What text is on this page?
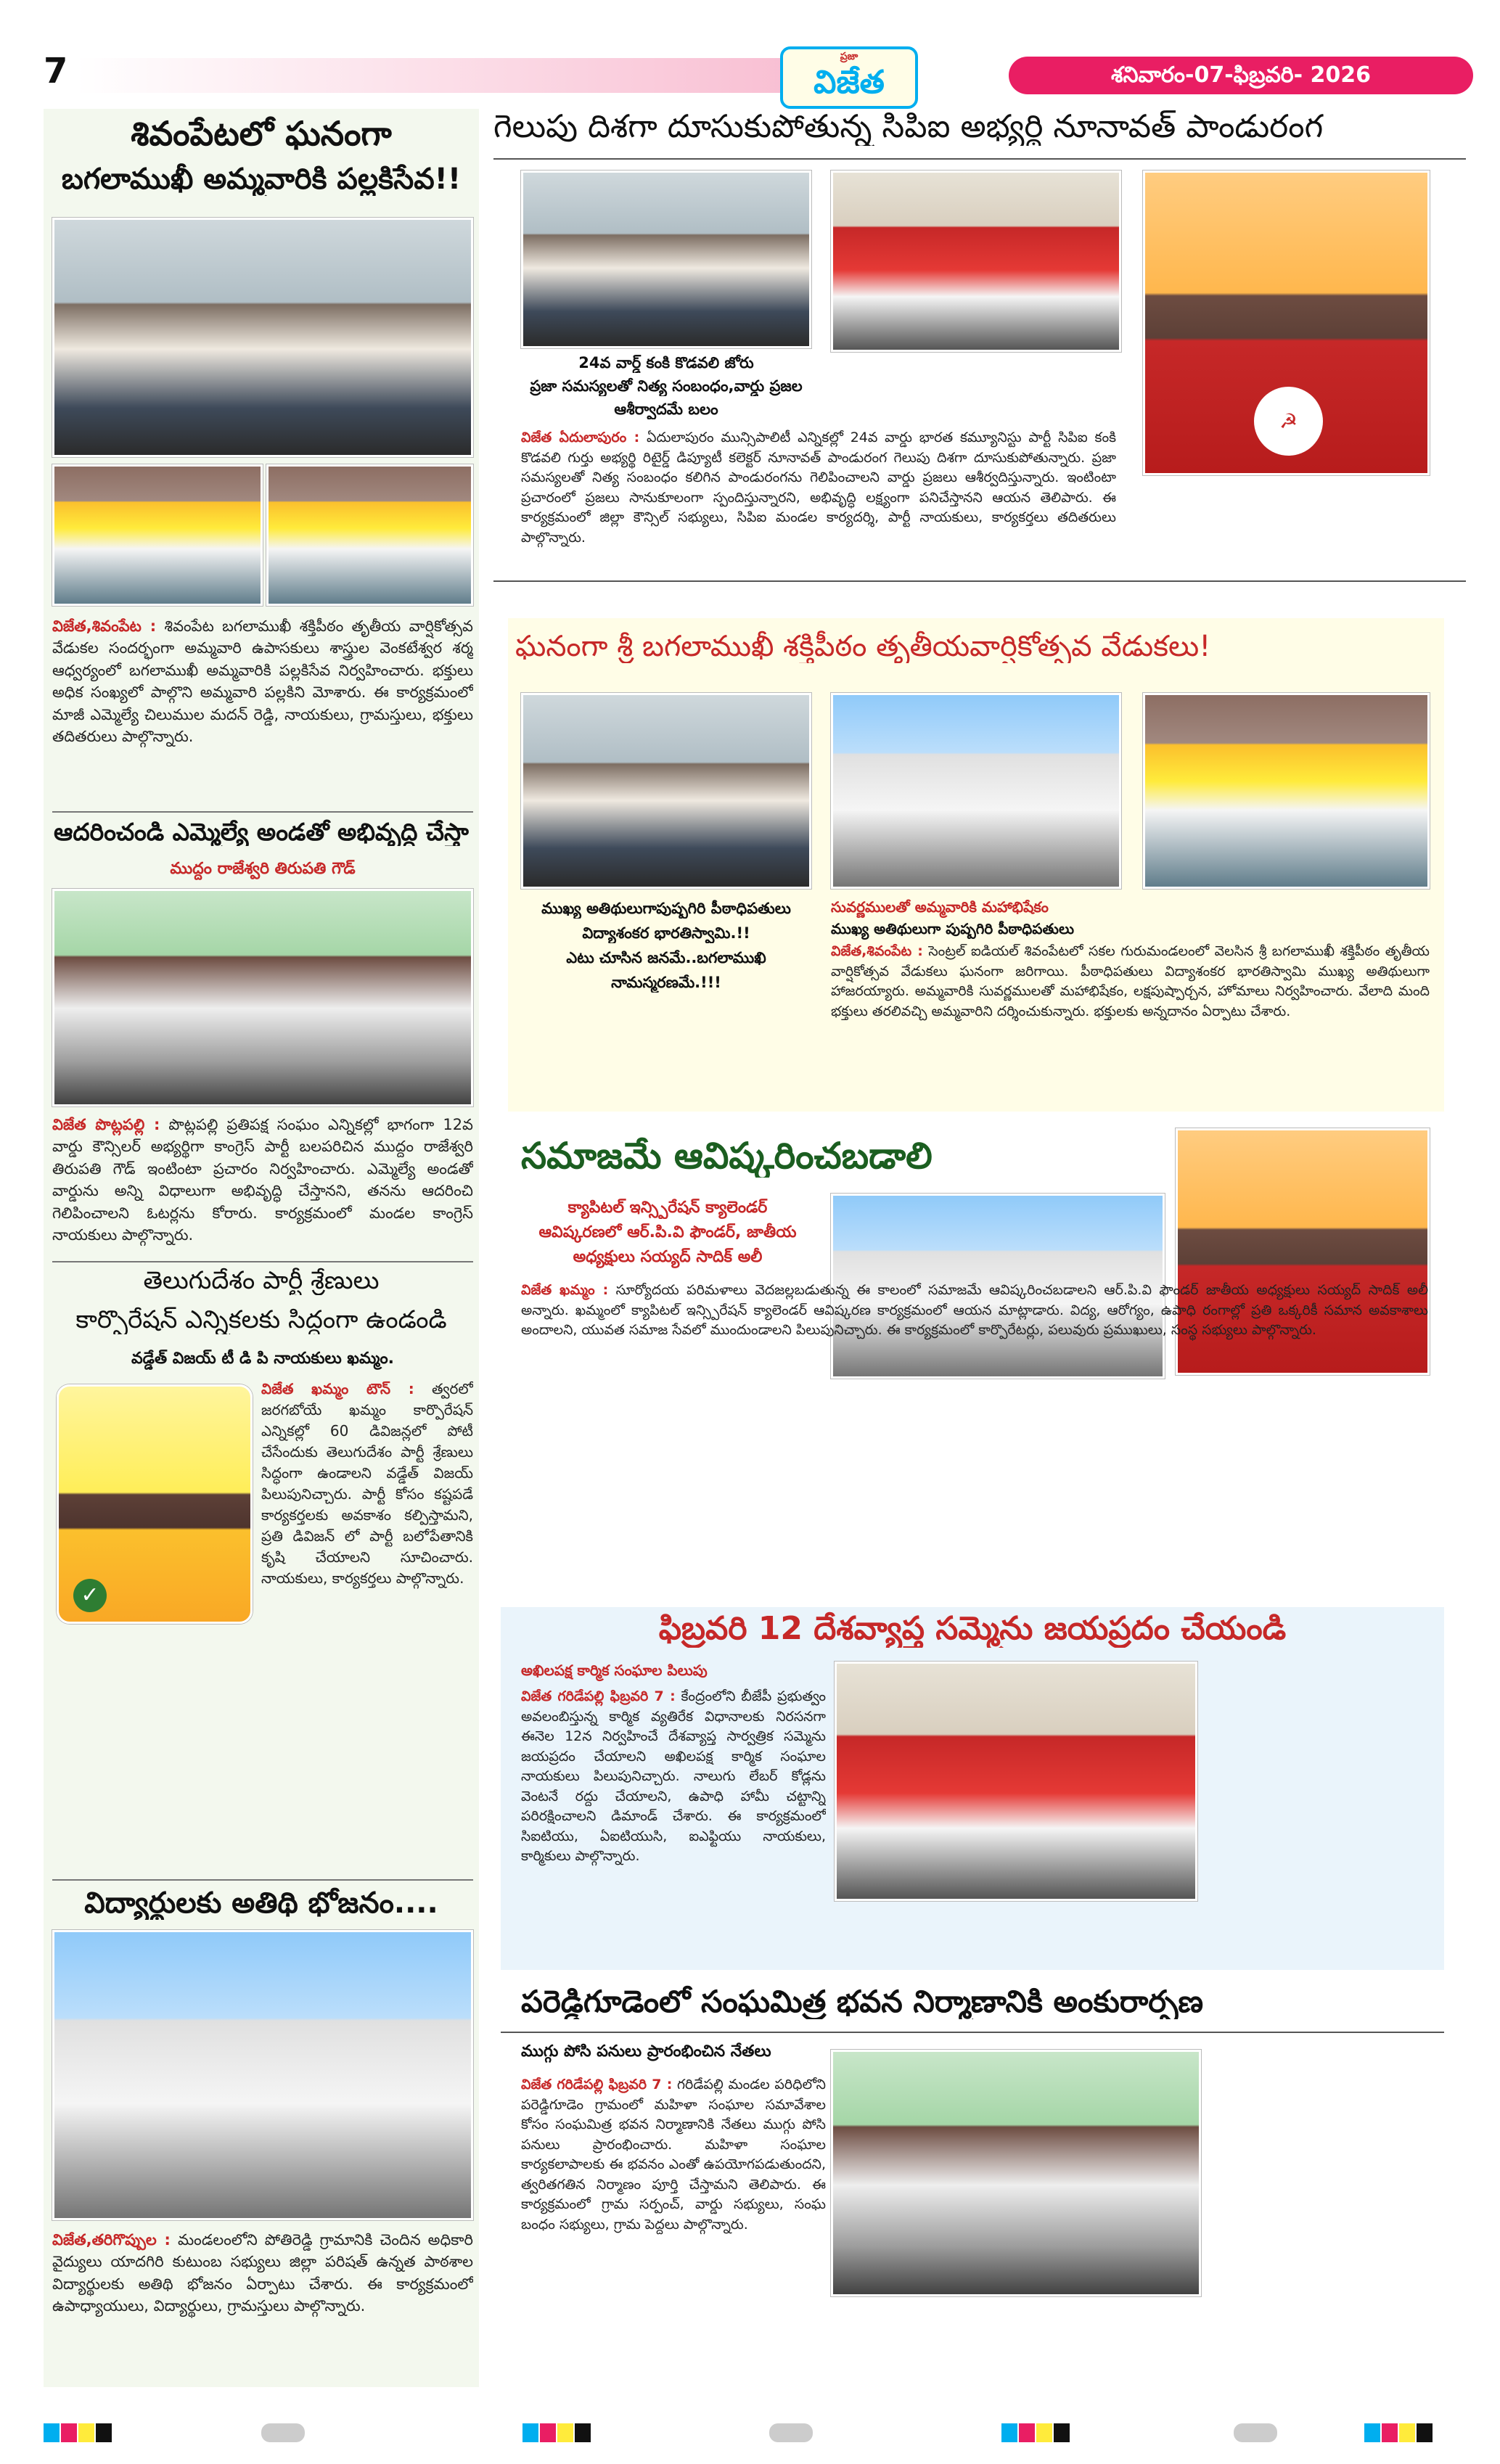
7	ప్రజా
విజేత	శనివారం-07-ఫిబ్రవరి- 2026
శివంపేటలో ఘనంగా
బగలాముఖీ అమ్మవారికి పల్లకిసేవ!!
విజేత,శివంపేట : శివంపేట బగలాముఖీ శక్తిపీఠం తృతీయ వార్షికోత్సవ వేడుకల సందర్భంగా అమ్మవారి ఉపాసకులు శాస్త్రుల వెంకటేశ్వర శర్మ ఆధ్వర్యంలో బగలాముఖీ అమ్మవారికి పల్లకిసేవ నిర్వహించారు. భక్తులు అధిక సంఖ్యలో పాల్గొని అమ్మవారి పల్లకిని మోశారు. ఈ కార్యక్రమంలో మాజీ ఎమ్మెల్యే చిలుముల మదన్ రెడ్డి, నాయకులు, గ్రామస్తులు, భక్తులు తదితరులు పాల్గొన్నారు.
ఆదరించండి ఎమ్మెల్యే అండతో అభివృద్ధి చేస్తా
ముద్దం రాజేశ్వరి తిరుపతి గౌడ్
విజేత పొట్లపల్లి : పొట్లపల్లి ప్రతిపక్ష సంఘం ఎన్నికల్లో భాగంగా 12వ వార్డు కౌన్సిలర్ అభ్యర్థిగా కాంగ్రెస్ పార్టీ బలపరిచిన ముద్దం రాజేశ్వరి తిరుపతి గౌడ్ ఇంటింటా ప్రచారం నిర్వహించారు. ఎమ్మెల్యే అండతో వార్డును అన్ని విధాలుగా అభివృద్ధి చేస్తానని, తనను ఆదరించి గెలిపించాలని ఓటర్లను కోరారు. కార్యక్రమంలో మండల కాంగ్రెస్ నాయకులు పాల్గొన్నారు.
తెలుగుదేశం పార్టీ శ్రేణులు
కార్పొరేషన్ ఎన్నికలకు సిద్ధంగా ఉండండి
వడ్డేత్ విజయ్ టీ డి పి నాయకులు ఖమ్మం.
✓
విజేత ఖమ్మం టౌన్ : త్వరలో జరగబోయే ఖమ్మం కార్పొరేషన్ ఎన్నికల్లో 60 డివిజన్లలో పోటీ చేసేందుకు తెలుగుదేశం పార్టీ శ్రేణులు సిద్ధంగా ఉండాలని వడ్డేత్ విజయ్ పిలుపునిచ్చారు. పార్టీ కోసం కష్టపడే కార్యకర్తలకు అవకాశం కల్పిస్తామని, ప్రతి డివిజన్ లో పార్టీ బలోపేతానికి కృషి చేయాలని సూచించారు. నాయకులు, కార్యకర్తలు పాల్గొన్నారు.
విద్యార్థులకు అతిథి భోజనం....
విజేత,తరిగొప్పుల : మండలంలోని పోతిరెడ్డి గ్రామానికి చెందిన అధికారి వైద్యులు యాదగిరి కుటుంబ సభ్యులు జిల్లా పరిషత్ ఉన్నత పాఠశాల విద్యార్థులకు అతిథి భోజనం ఏర్పాటు చేశారు. ఈ కార్యక్రమంలో ఉపాధ్యాయులు, విద్యార్థులు, గ్రామస్తులు పాల్గొన్నారు.
గెలుపు దిశగా దూసుకుపోతున్న సిపిఐ అభ్యర్థి నూనావత్ పాండురంగ
☭
24వ వార్డ్ కంకి కొడవలి జోరు
ప్రజా సమస్యలతో నిత్య సంబంధం,వార్డు ప్రజల
ఆశీర్వాదమే బలం
విజేత ఏదులాపురం : ఏదులాపురం మున్సిపాలిటీ ఎన్నికల్లో 24వ వార్డు భారత కమ్యూనిస్టు పార్టీ సిపిఐ కంకి కొడవలి గుర్తు అభ్యర్థి రిటైర్డ్ డిప్యూటీ కలెక్టర్ నూనావత్ పాండురంగ గెలుపు దిశగా దూసుకుపోతున్నారు. ప్రజా సమస్యలతో నిత్య సంబంధం కలిగిన పాండురంగను గెలిపించాలని వార్డు ప్రజలు ఆశీర్వదిస్తున్నారు. ఇంటింటా ప్రచారంలో ప్రజలు సానుకూలంగా స్పందిస్తున్నారని, అభివృద్ధి లక్ష్యంగా పనిచేస్తానని ఆయన తెలిపారు. ఈ కార్యక్రమంలో జిల్లా కౌన్సిల్ సభ్యులు, సిపిఐ మండల కార్యదర్శి, పార్టీ నాయకులు, కార్యకర్తలు తదితరులు పాల్గొన్నారు.
ఘనంగా శ్రీ బగలాముఖీ శక్తిపీఠం తృతీయవార్షికోత్సవ వేడుకలు!
ముఖ్య అతిథులుగాపుష్పగిరి పీఠాధిపతులు
విద్యాశంకర భారతిస్వామి.!!
ఎటు చూసిన జనమే..బగలాముఖి
నామస్మరణమే.!!!
సువర్ణములతో అమ్మవారికి మహాభిషేకం
ముఖ్య అతిథులుగా పుష్పగిరి పీఠాధిపతులు
విజేత,శివంపేట : సెంట్రల్ ఐడియల్ శివంపేటలో సకల గురుమండలంలో వెలసిన శ్రీ బగలాముఖీ శక్తిపీఠం తృతీయ వార్షికోత్సవ వేడుకలు ఘనంగా జరిగాయి. పీఠాధిపతులు విద్యాశంకర భారతిస్వామి ముఖ్య అతిథులుగా హాజరయ్యారు. అమ్మవారికి సువర్ణములతో మహాభిషేకం, లక్షపుష్పార్చన, హోమాలు నిర్వహించారు. వేలాది మంది భక్తులు తరలివచ్చి అమ్మవారిని దర్శించుకున్నారు. భక్తులకు అన్నదానం ఏర్పాటు చేశారు.
సమాజమే ఆవిష్కరించబడాలి
క్యాపిటల్ ఇన్స్పిరేషన్ క్యాలెండర్
ఆవిష్కరణలో ఆర్.పి.వి ఫౌండర్, జాతీయ
అధ్యక్షులు సయ్యద్ సాదిక్ అలీ
విజేత ఖమ్మం : సూర్యోదయ పరిమళాలు వెదజల్లబడుతున్న ఈ కాలంలో సమాజమే ఆవిష్కరించబడాలని ఆర్.పి.వి ఫౌండర్ జాతీయ అధ్యక్షులు సయ్యద్ సాదిక్ అలీ అన్నారు. ఖమ్మంలో క్యాపిటల్ ఇన్స్పిరేషన్ క్యాలెండర్ ఆవిష్కరణ కార్యక్రమంలో ఆయన మాట్లాడారు. విద్య, ఆరోగ్యం, ఉపాధి రంగాల్లో ప్రతి ఒక్కరికీ సమాన అవకాశాలు అందాలని, యువత సమాజ సేవలో ముందుండాలని పిలుపునిచ్చారు. ఈ కార్యక్రమంలో కార్పొరేటర్లు, పలువురు ప్రముఖులు, సంస్థ సభ్యులు పాల్గొన్నారు.
ఫిబ్రవరి 12 దేశవ్యాప్త సమ్మెను జయప్రదం చేయండి
అఖిలపక్ష కార్మిక సంఘాల పిలుపు
విజేత గరిడేపల్లి ఫిబ్రవరి 7 : కేంద్రంలోని బీజేపీ ప్రభుత్వం అవలంబిస్తున్న కార్మిక వ్యతిరేక విధానాలకు నిరసనగా ఈనెల 12న నిర్వహించే దేశవ్యాప్త సార్వత్రిక సమ్మెను జయప్రదం చేయాలని అఖిలపక్ష కార్మిక సంఘాల నాయకులు పిలుపునిచ్చారు. నాలుగు లేబర్ కోడ్లను వెంటనే రద్దు చేయాలని, ఉపాధి హామీ చట్టాన్ని పరిరక్షించాలని డిమాండ్ చేశారు. ఈ కార్యక్రమంలో సిఐటియు, ఏఐటియుసి, ఐఎఫ్టియు నాయకులు, కార్మికులు పాల్గొన్నారు.
పరెడ్డిగూడెంలో సంఘమిత్ర భవన నిర్మాణానికి అంకురార్పణ
ముగ్గు పోసి పనులు ప్రారంభించిన నేతలు
విజేత గరిడేపల్లి ఫిబ్రవరి 7 : గరిడేపల్లి మండల పరిధిలోని పరెడ్డిగూడెం గ్రామంలో మహిళా సంఘాల సమావేశాల కోసం సంఘమిత్ర భవన నిర్మాణానికి నేతలు ముగ్గు పోసి పనులు ప్రారంభించారు. మహిళా సంఘాల కార్యకలాపాలకు ఈ భవనం ఎంతో ఉపయోగపడుతుందని, త్వరితగతిన నిర్మాణం పూర్తి చేస్తామని తెలిపారు. ఈ కార్యక్రమంలో గ్రామ సర్పంచ్, వార్డు సభ్యులు, సంఘ బంధం సభ్యులు, గ్రామ పెద్దలు పాల్గొన్నారు.
